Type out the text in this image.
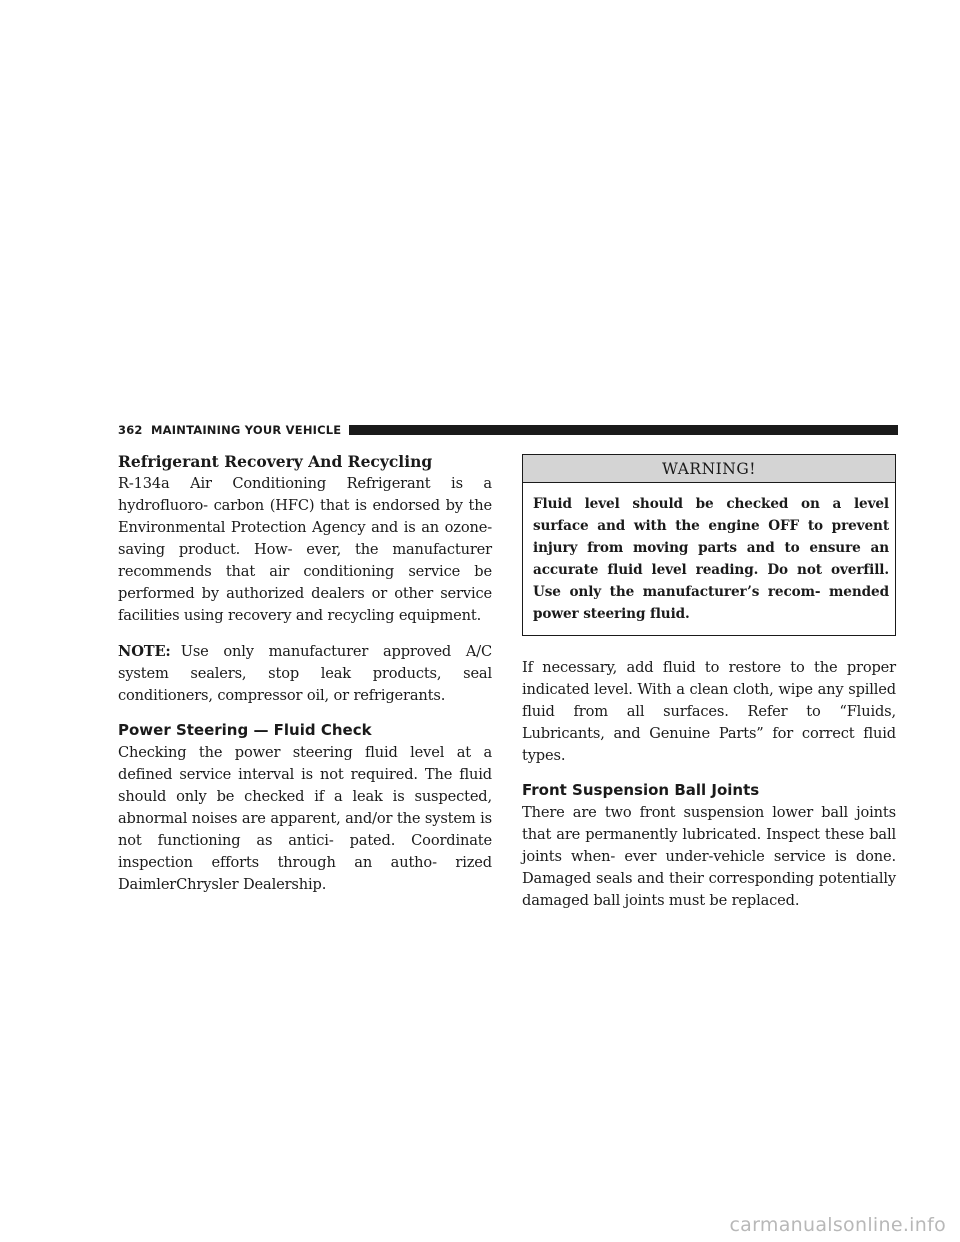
362 MAINTAINING YOUR VEHICLE
Refrigerant Recovery And Recycling

R-134a Air Conditioning Refrigerant is a hydrofluoro- carbon (HFC) that is endorsed by the Environmental Protection Agency and is an ozone-saving product. How- ever, the manufacturer recommends that air conditioning service be performed by authorized dealers or other service facilities using recovery and recycling equipment.

NOTE: Use only manufacturer approved A/C system sealers, stop leak products, seal conditioners, compressor oil, or refrigerants.

Power Steering — Fluid Check

Checking the power steering fluid level at a defined service interval is not required. The fluid should only be checked if a leak is suspected, abnormal noises are apparent, and/or the system is not functioning as antici- pated. Coordinate inspection efforts through an autho- rized DaimlerChrysler Dealership.

WARNING!
Fluid level should be checked on a level surface and with the engine OFF to prevent injury from moving parts and to ensure an accurate fluid level reading. Do not overfill. Use only the manufacturer’s recom- mended power steering fluid.

If necessary, add fluid to restore to the proper indicated level. With a clean cloth, wipe any spilled fluid from all surfaces. Refer to “Fluids, Lubricants, and Genuine Parts” for correct fluid types.

Front Suspension Ball Joints

There are two front suspension lower ball joints that are permanently lubricated. Inspect these ball joints when- ever under-vehicle service is done. Damaged seals and their corresponding potentially damaged ball joints must be replaced.

carmanualsonline.info
